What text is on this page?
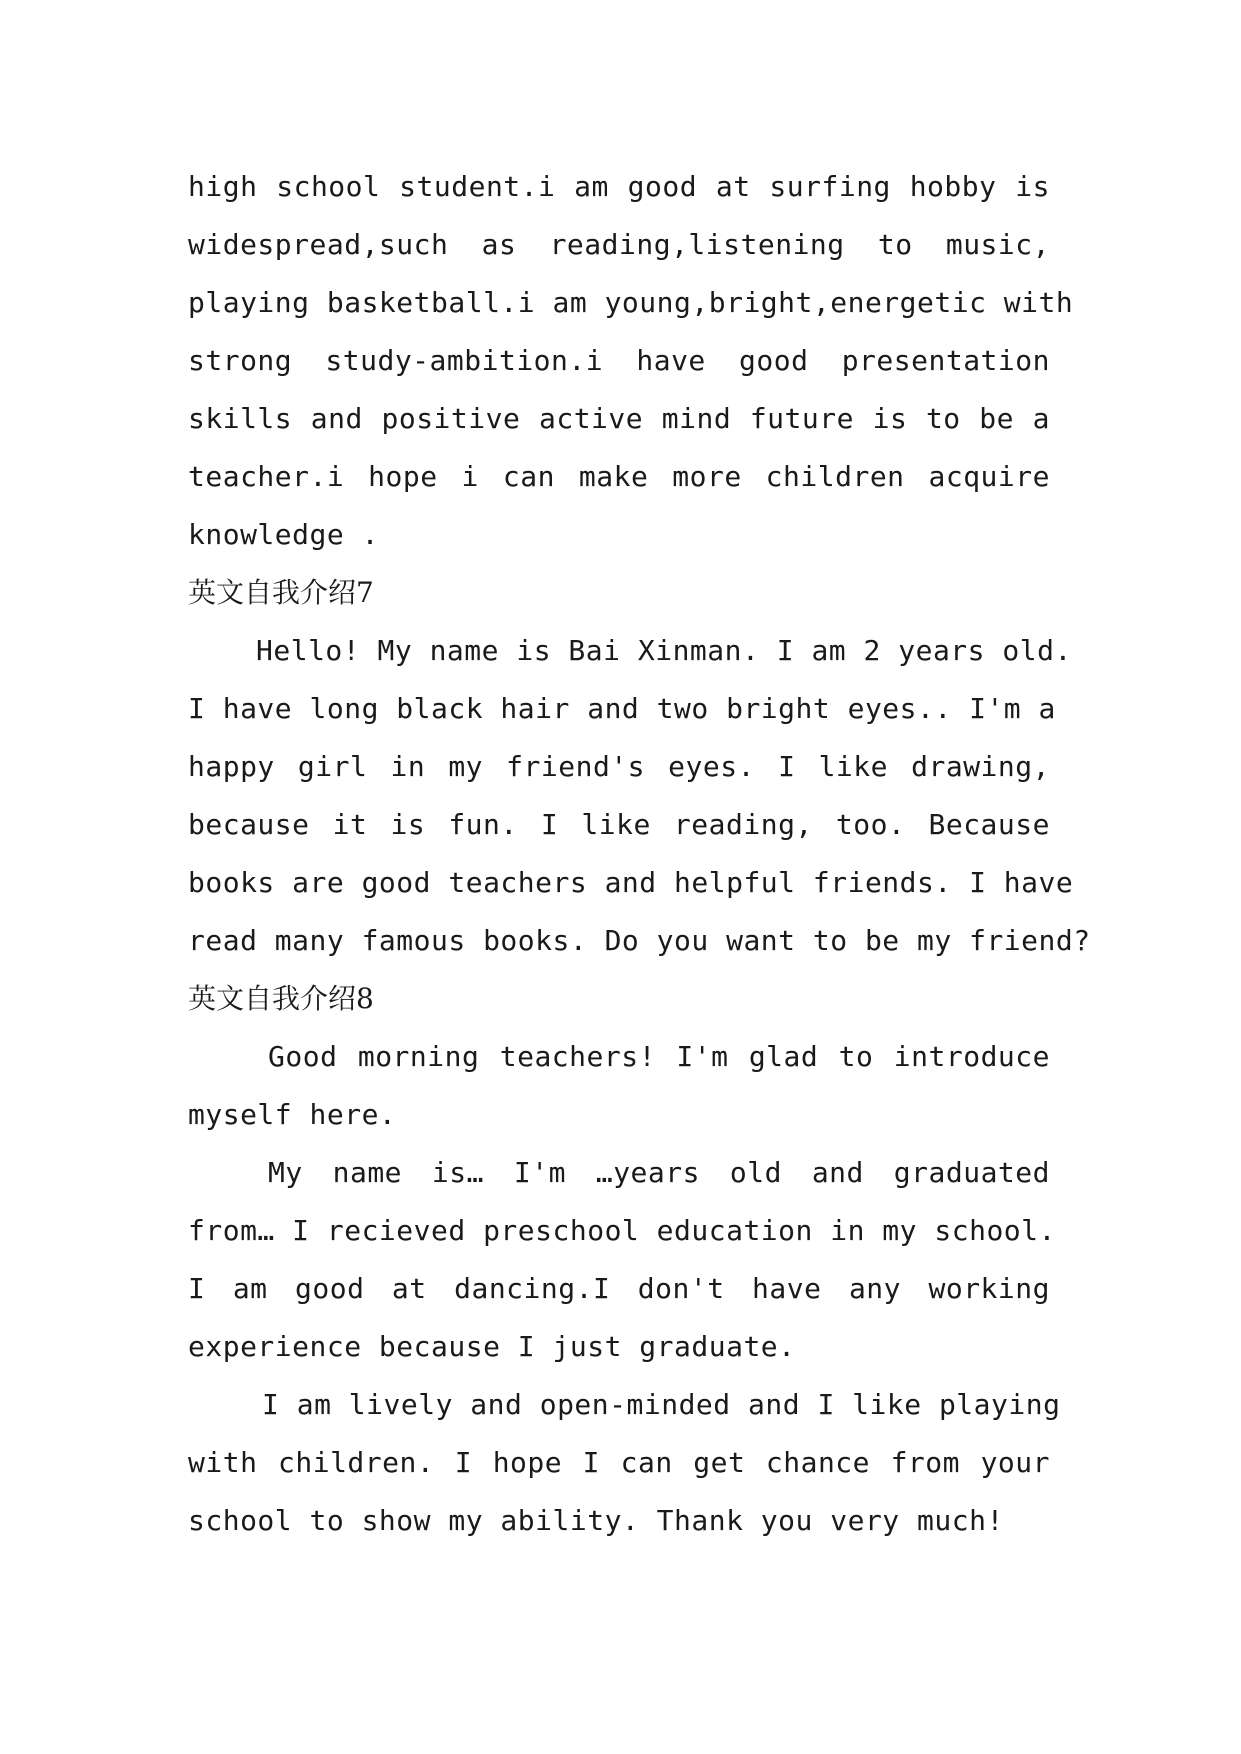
high school student.i am good at surfing hobby is
widespread,such as reading,listening to music,
playing basketball.i am young,bright,energetic with
strong study-ambition.i have good presentation
skills and positive active mind future is to be a
teacher.i hope i can make more children acquire
knowledge .
英文自我介绍7
Hello! My name is Bai Xinman. I am 2 years old.
I have long black hair and two bright eyes.. I'm a
happy girl in my friend's eyes. I like drawing,
because it is fun. I like reading, too. Because
books are good teachers and helpful friends. I have
read many famous books. Do you want to be my friend?
英文自我介绍8
Good morning teachers! I'm glad to introduce
myself here.
My name is… I'm …years old and graduated
from… I recieved preschool education in my school.
I am good at dancing.I don't have any working
experience because I just graduate.
I am lively and open-minded and I like playing
with children. I hope I can get chance from your
school to show my ability. Thank you very much!
